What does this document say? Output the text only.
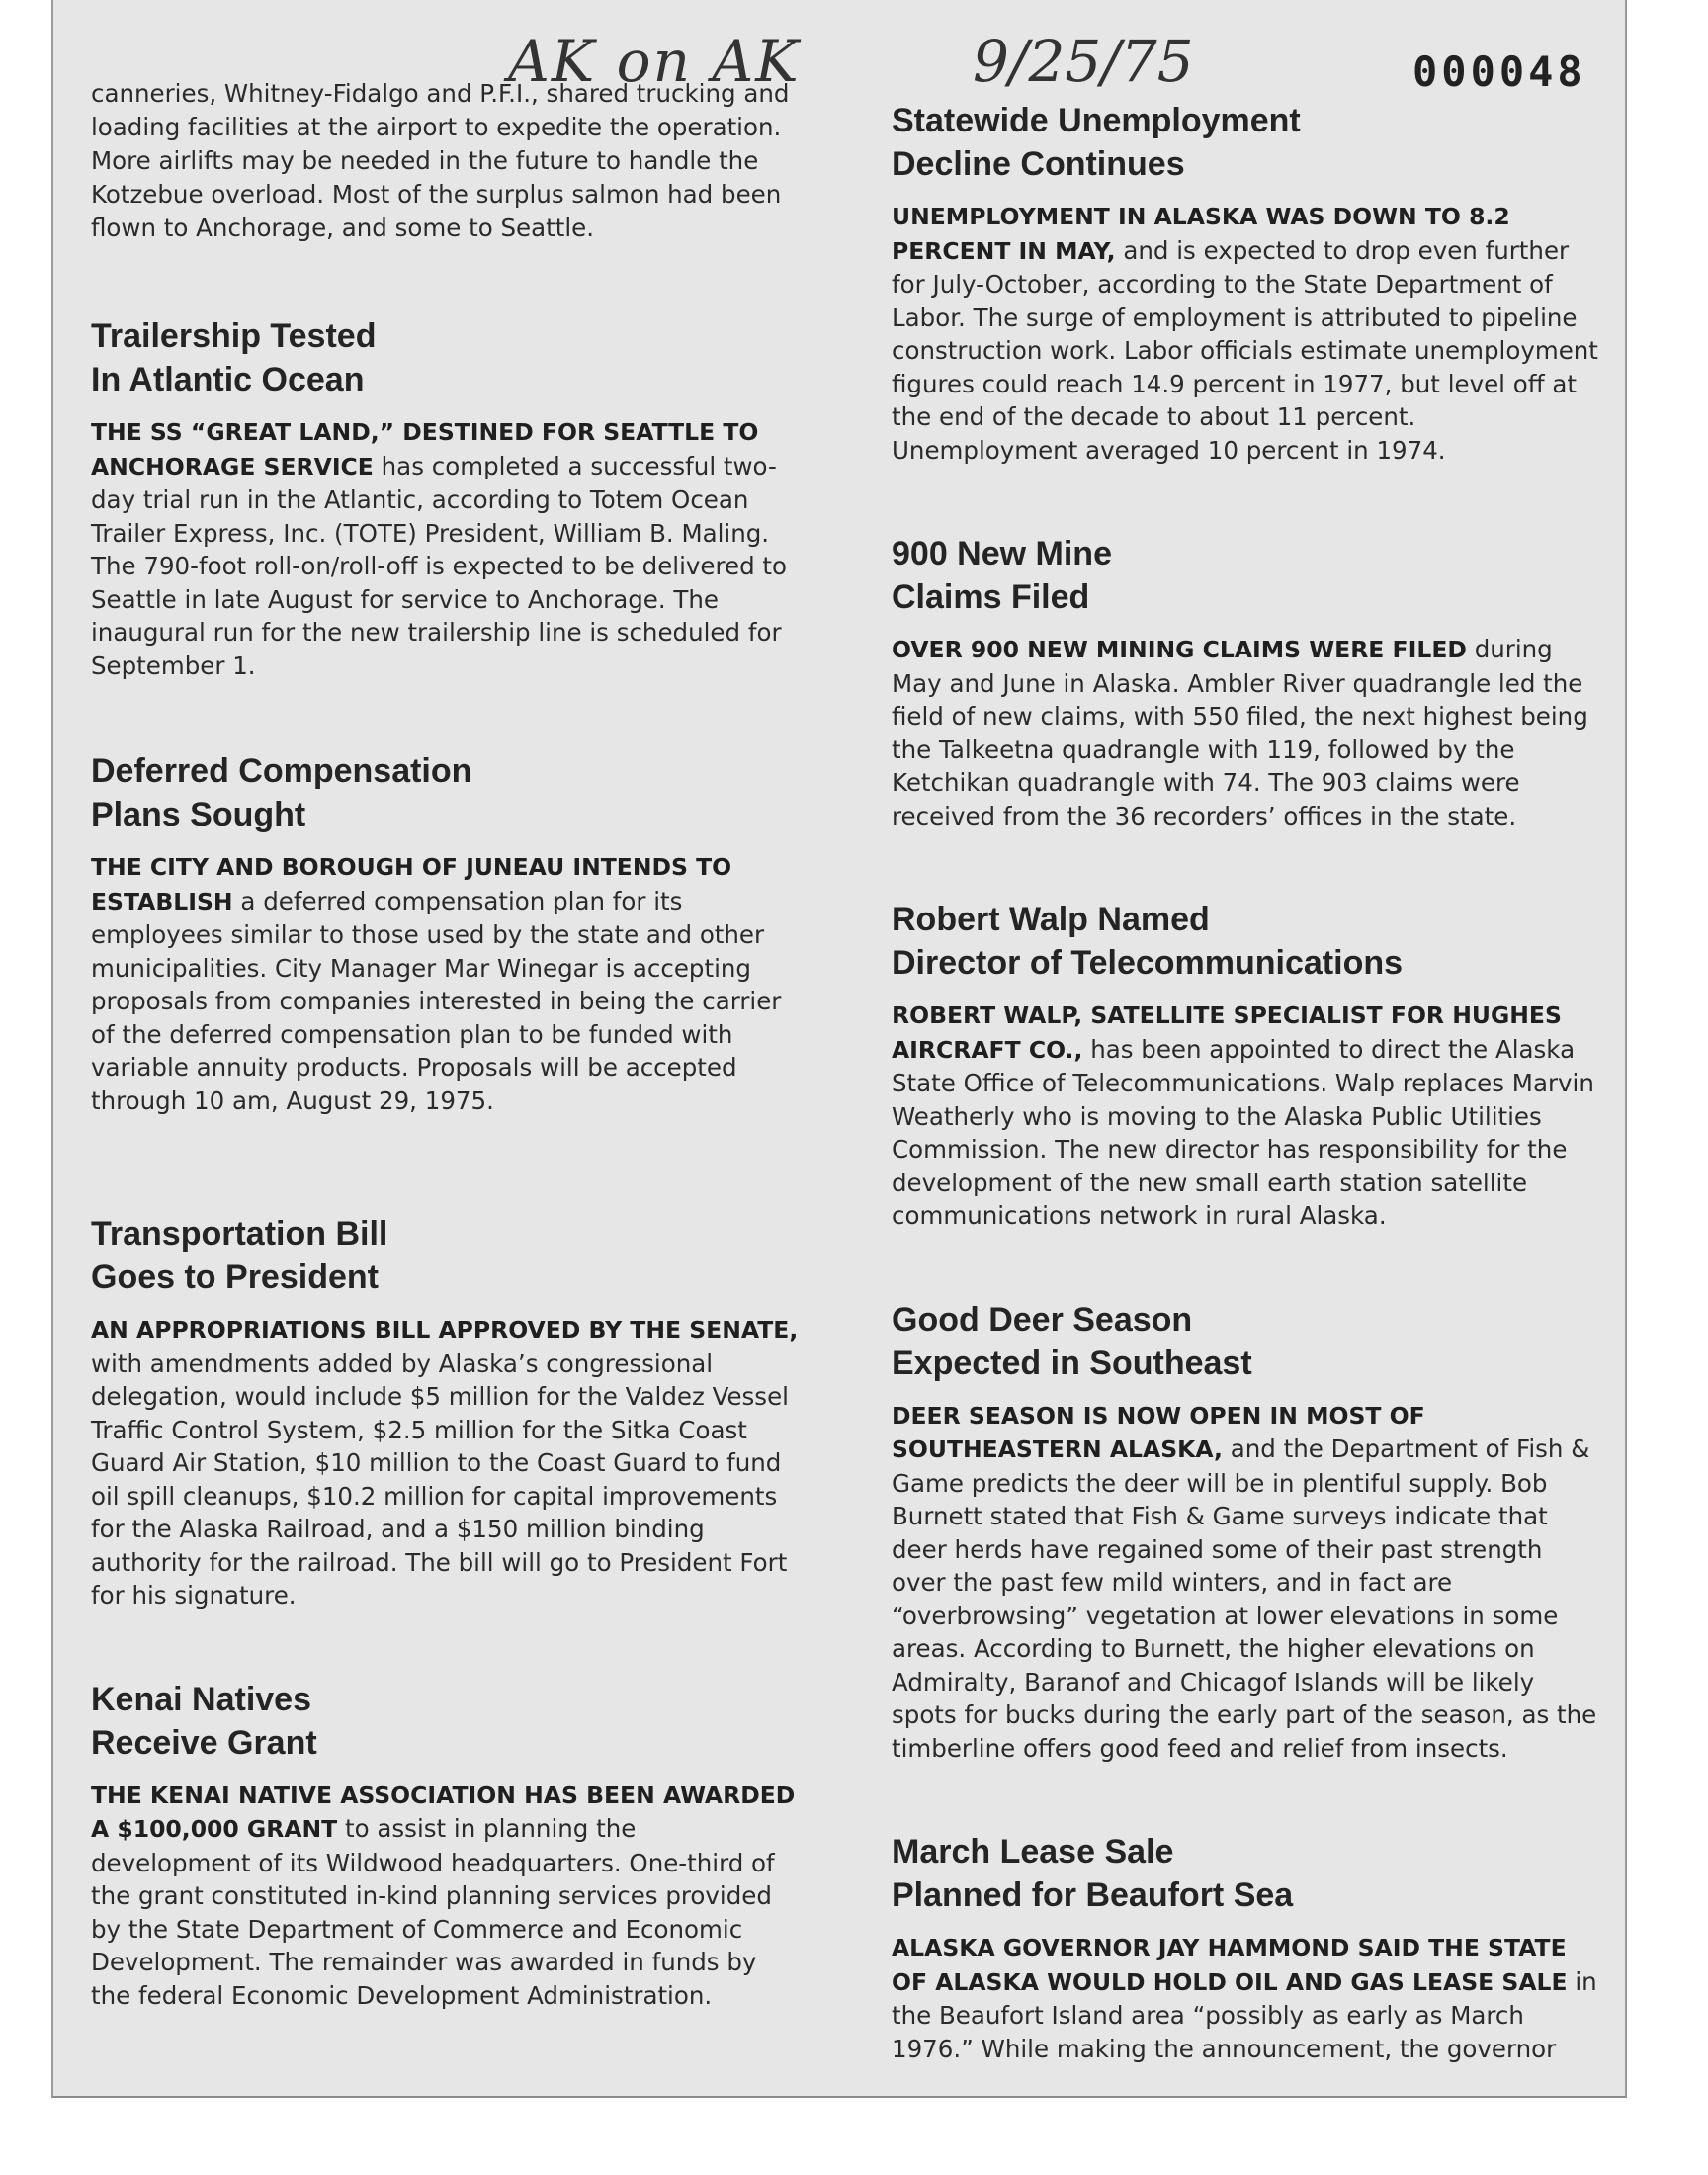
AK on AK	9/25/75	000048

canneries, Whitney-Fidalgo and P.F.I., shared trucking and loading facilities at the airport to expedite the operation. More airlifts may be needed in the future to handle the Kotzebue overload. Most of the surplus salmon had been flown to Anchorage, and some to Seattle.

Trailership Tested
In Atlantic Ocean

THE SS “GREAT LAND,” DESTINED FOR SEATTLE TO ANCHORAGE SERVICE has completed a successful two-day trial run in the Atlantic, according to Totem Ocean Trailer Express, Inc. (TOTE) President, William B. Maling. The 790-foot roll-on/roll-off is expected to be delivered to Seattle in late August for service to Anchorage. The inaugural run for the new trailership line is scheduled for September 1.

Deferred Compensation
Plans Sought

THE CITY AND BOROUGH OF JUNEAU INTENDS TO ESTABLISH a deferred compensation plan for its employees similar to those used by the state and other municipalities. City Manager Mar Winegar is accepting proposals from companies interested in being the carrier of the deferred compensation plan to be funded with variable annuity products. Proposals will be accepted through 10 am, August 29, 1975.

Transportation Bill
Goes to President

AN APPROPRIATIONS BILL APPROVED BY THE SENATE, with amendments added by Alaska’s congressional delegation, would include $5 million for the Valdez Vessel Traffic Control System, $2.5 million for the Sitka Coast Guard Air Station, $10 million to the Coast Guard to fund oil spill cleanups, $10.2 million for capital improvements for the Alaska Railroad, and a $150 million binding authority for the railroad. The bill will go to President Fort for his signature.

Kenai Natives
Receive Grant

THE KENAI NATIVE ASSOCIATION HAS BEEN AWARDED A $100,000 GRANT to assist in planning the development of its Wildwood headquarters. One-third of the grant constituted in-kind planning services provided by the State Department of Commerce and Economic Development. The remainder was awarded in funds by the federal Economic Development Administration.

Statewide Unemployment
Decline Continues

UNEMPLOYMENT IN ALASKA WAS DOWN TO 8.2 PERCENT IN MAY, and is expected to drop even further for July-October, according to the State Department of Labor. The surge of employment is attributed to pipeline construction work. Labor officials estimate unemployment figures could reach 14.9 percent in 1977, but level off at the end of the decade to about 11 percent. Unemployment averaged 10 percent in 1974.

900 New Mine
Claims Filed

OVER 900 NEW MINING CLAIMS WERE FILED during May and June in Alaska. Ambler River quadrangle led the field of new claims, with 550 filed, the next highest being the Talkeetna quadrangle with 119, followed by the Ketchikan quadrangle with 74. The 903 claims were received from the 36 recorders’ offices in the state.

Robert Walp Named
Director of Telecommunications

ROBERT WALP, SATELLITE SPECIALIST FOR HUGHES AIRCRAFT CO., has been appointed to direct the Alaska State Office of Telecommunications. Walp replaces Marvin Weatherly who is moving to the Alaska Public Utilities Commission. The new director has responsibility for the development of the new small earth station satellite communications network in rural Alaska.

Good Deer Season
Expected in Southeast

DEER SEASON IS NOW OPEN IN MOST OF SOUTHEASTERN ALASKA, and the Department of Fish & Game predicts the deer will be in plentiful supply. Bob Burnett stated that Fish & Game surveys indicate that deer herds have regained some of their past strength over the past few mild winters, and in fact are “overbrowsing” vegetation at lower elevations in some areas. According to Burnett, the higher elevations on Admiralty, Baranof and Chicagof Islands will be likely spots for bucks during the early part of the season, as the timberline offers good feed and relief from insects.

March Lease Sale
Planned for Beaufort Sea

ALASKA GOVERNOR JAY HAMMOND SAID THE STATE OF ALASKA WOULD HOLD OIL AND GAS LEASE SALE in the Beaufort Island area “possibly as early as March 1976.” While making the announcement, the governor
